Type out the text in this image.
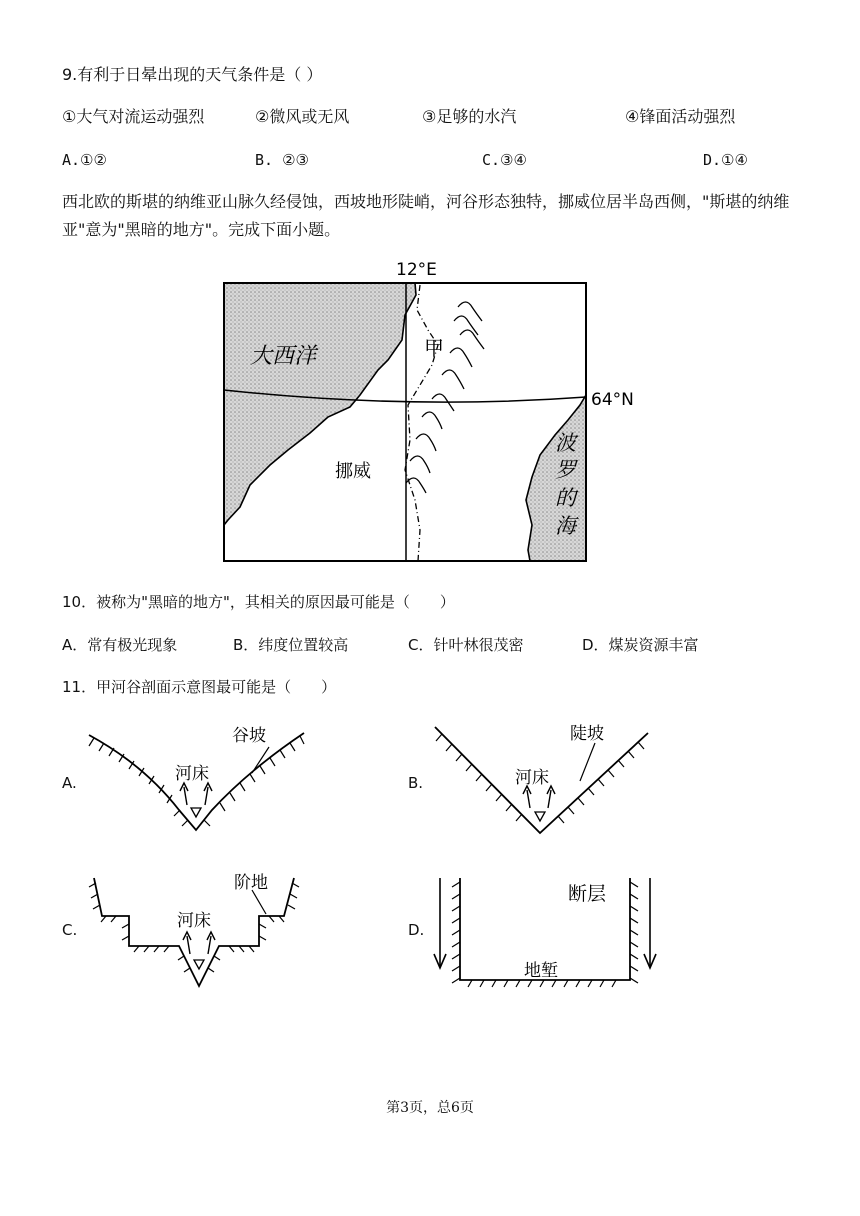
9.有利于日晕出现的天气条件是（ ）
①大气对流运动强烈	②微风或无风	③足够的水汽	④锋面活动强烈
A.①②	B. ②③	C.③④	D.①④
西北欧的斯堪的纳维亚山脉久经侵蚀，西坡地形陡峭，河谷形态独特，挪威位居半岛西侧，"斯堪的纳维亚"意为"黑暗的地方"。完成下面小题。
12°E
64°N
大西洋
挪威
甲
波
罗
的
海
10．被称为"黑暗的地方"，其相关的原因最可能是（　　）
A．常有极光现象	B．纬度位置较高	C．针叶林很茂密	D．煤炭资源丰富
11．甲河谷剖面示意图最可能是（　　）
A.	B.
C.	D.
谷坡
河床
陡坡
河床
阶地
河床
断层
地堑
第3页，总6页
